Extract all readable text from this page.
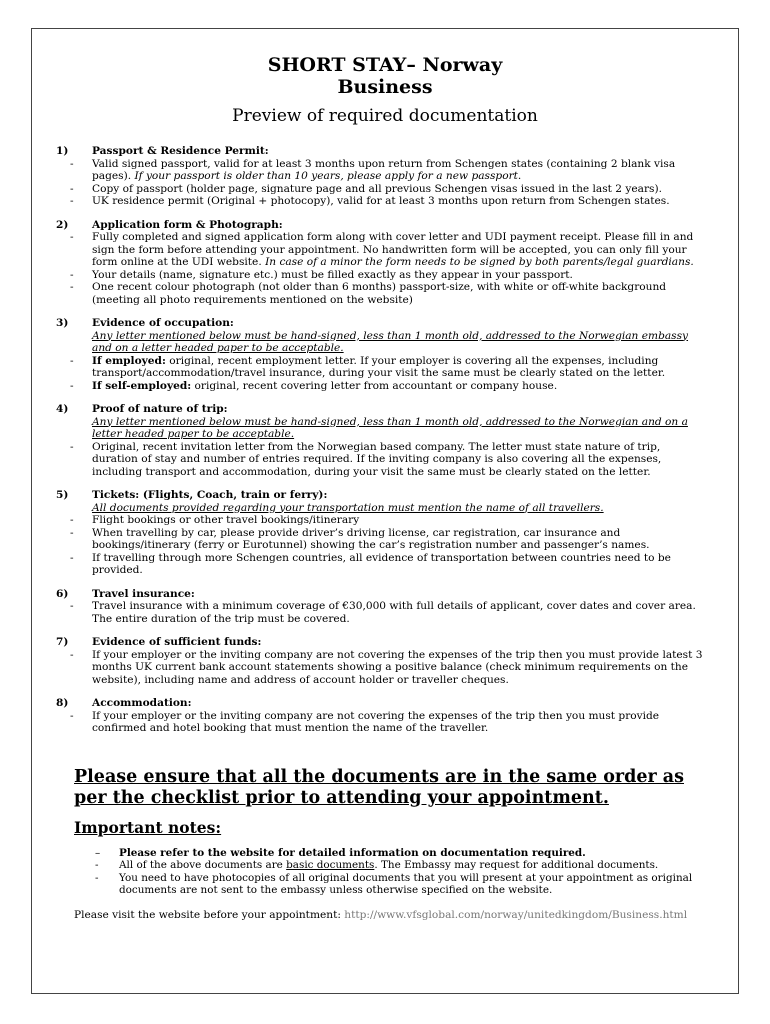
SHORT STAY– Norway
Business
Preview of required documentation
1)	Passport & Residence Permit:
-	Valid signed passport, valid for at least 3 months upon return from Schengen states (containing 2 blank visa pages). If your passport is older than 10 years, please apply for a new passport.
-	Copy of passport (holder page, signature page and all previous Schengen visas issued in the last 2 years).
-	UK residence permit (Original + photocopy), valid for at least 3 months upon return from Schengen states.
2)	Application form & Photograph:
-	Fully completed and signed application form along with cover letter and UDI payment receipt. Please fill in and sign the form before attending your appointment. No handwritten form will be accepted, you can only fill your form online at the UDI website. In case of a minor the form needs to be signed by both parents/legal guardians.
-	Your details (name, signature etc.) must be filled exactly as they appear in your passport.
-	One recent colour photograph (not older than 6 months) passport-size, with white or off-white background (meeting all photo requirements mentioned on the website)
3)	Evidence of occupation:
Any letter mentioned below must be hand-signed, less than 1 month old, addressed to the Norwegian embassy and on a letter headed paper to be acceptable.
-	If employed: original, recent employment letter. If your employer is covering all the expenses, including transport/accommodation/travel insurance, during your visit the same must be clearly stated on the letter.
-	If self-employed: original, recent covering letter from accountant or company house.
4)	Proof of nature of trip:
Any letter mentioned below must be hand-signed, less than 1 month old, addressed to the Norwegian and on a letter headed paper to be acceptable.
-	Original, recent invitation letter from the Norwegian based company. The letter must state nature of trip, duration of stay and number of entries required. If the inviting company is also covering all the expenses, including transport and accommodation, during your visit the same must be clearly stated on the letter.
5)	Tickets: (Flights, Coach, train or ferry) :
All documents provided regarding your transportation must mention the name of all travellers.
-	Flight bookings or other travel bookings/itinerary
-	When travelling by car, please provide driver’s driving license, car registration, car insurance and bookings/itinerary (ferry or Eurotunnel) showing the car’s registration number and passenger’s names.
-	If travelling through more Schengen countries, all evidence of transportation between countries need to be provided.
6)	Travel insurance:
-	Travel insurance with a minimum coverage of €30,000 with full details of applicant, cover dates and cover area. The entire duration of the trip must be covered.
7)	Evidence of sufficient funds:
-	If your employer or the inviting company are not covering the expenses of the trip then you must provide latest 3 months UK current bank account statements showing a positive balance (check minimum requirements on the website), including name and address of account holder or traveller cheques.
8)	Accommodation:
-	If your employer or the inviting company are not covering the expenses of the trip then you must provide confirmed and hotel booking that must mention the name of the traveller.
Please ensure that all the documents are in the same order as per the checklist prior to attending your appointment.
Important notes:
–	Please refer to the website for detailed information on documentation required.
-	All of the above documents are basic documents. The Embassy may request for additional documents.
-	You need to have photocopies of all original documents that you will present at your appointment as original documents are not sent to the embassy unless otherwise specified on the website.
Please visit the website before your appointment: http://www.vfsglobal.com/norway/unitedkingdom/Business.html
